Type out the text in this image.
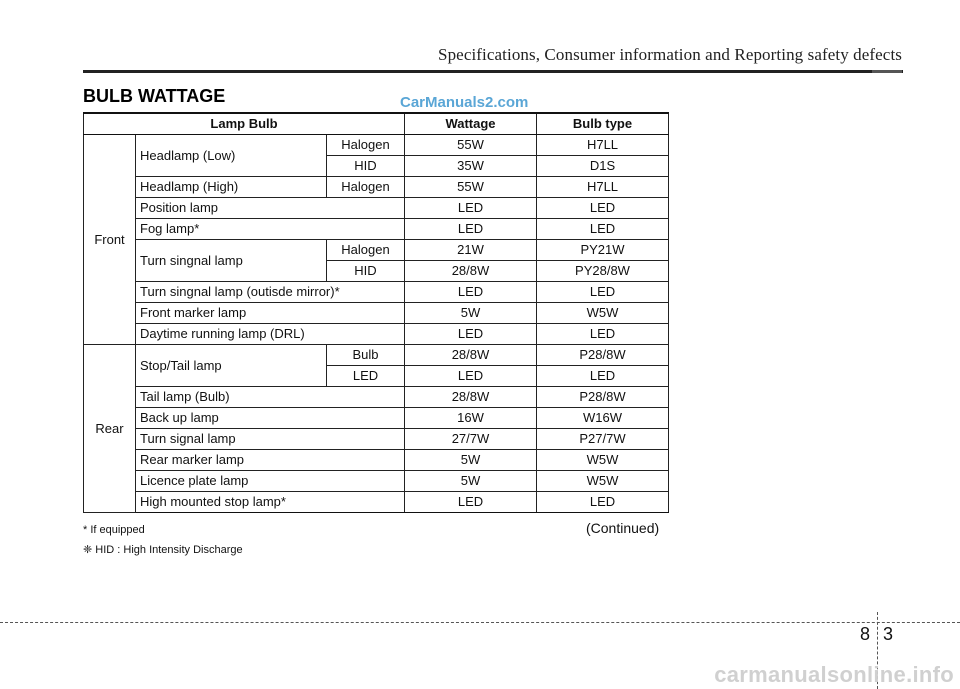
Specifications, Consumer information and Reporting safety defects
BULB WATTAGE	CarManuals2.com
Lamp Bulb			Wattage	Bulb type
Front	Headlamp (Low)	Halogen	55W	H7LL
		HID	35W	D1S
	Headlamp (High)	Halogen	55W	H7LL
	Position lamp		LED	LED
	Fog lamp*		LED	LED
	Turn singnal lamp	Halogen	21W	PY21W
		HID	28/8W	PY28/8W
	Turn singnal lamp (outisde mirror)*		LED	LED
	Front marker lamp		5W	W5W
	Daytime running lamp (DRL)		LED	LED
Rear	Stop/Tail lamp	Bulb	28/8W	P28/8W
		LED	LED	LED
	Tail lamp (Bulb)		28/8W	P28/8W
	Back up lamp		16W	W16W
	Turn signal lamp		27/7W	P27/7W
	Rear marker lamp		5W	W5W
	Licence plate lamp		5W	W5W
	High mounted stop lamp*		LED	LED
* If equipped
❈ HID : High Intensity Discharge
(Continued)
8 3
carmanualsonline.info
